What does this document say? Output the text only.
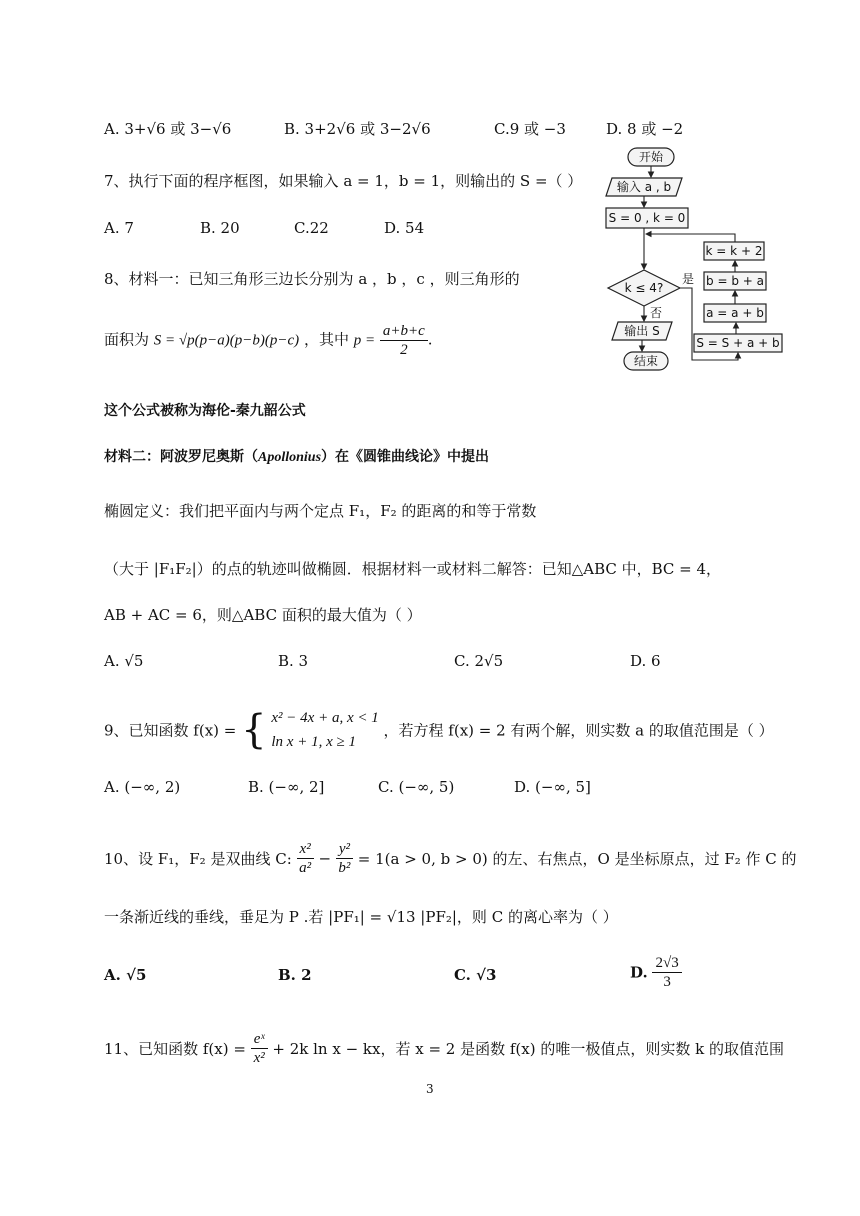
A. 3+√6 或 3−√6	B. 3+2√6 或 3−2√6	C.9 或 −3	D. 8 或 −2
7、执行下面的程序框图，如果输入 a = 1，b = 1，则输出的 S =（ ）
A. 7	B. 20	C.22	D. 54
开始
输入 a , b
S = 0 , k = 0
k ≤ 4?
是
否
输出 S
结束
k = k + 2
b = b + a
a = a + b
S = S + a + b
8、材料一：已知三角形三边长分别为 a ，b ，c ，则三角形的
面积为 S = √p(p−a)(p−b)(p−c) ，其中 $p = \frac{a+b+c}{2}$ .
这个公式被称为海伦-秦九韶公式
材料二：阿波罗尼奥斯（Apollonius）在《圆锥曲线论》中提出
椭圆定义：我们把平面内与两个定点 F₁，F₂ 的距离的和等于常数
（大于 |F₁F₂|）的点的轨迹叫做椭圆．根据材料一或材料二解答：已知△ABC 中，BC = 4，
AB + AC = 6，则△ABC 面积的最大值为（ ）
A. √5	B. 3	C. 2√5	D. 6
9、已知函数 f(x) = { x² − 4x + a, x < 1
ln x + 1, x ≥ 1
，若方程 f(x) = 2 有两个解，则实数 a 的取值范围是（ ）
A. (−∞, 2)	B. (−∞, 2]	C. (−∞, 5)	D. (−∞, 5]
10、设 F₁，F₂ 是双曲线 C: $\frac{\text{x²}}{\text{a²}} - \frac{\text{y²}}{\text{b²}} = 1(a > 0$, b > 0) 的左、右焦点，O 是坐标原点，过 F₂ 作 C 的
一条渐近线的垂线，垂足为 P .若 |PF₁| = √13 |PF₂|，则 C 的离心率为（ ）
A. √5	B. 2	C. √3	D. $\frac{2√3}{3}$
11、已知函数 $f(x) = \frac{\text{eˣ}}{\text{x²}} + 2k$ ln x − kx，若 x = 2 是函数 f(x) 的唯一极值点，则实数 k 的取值范围
3
